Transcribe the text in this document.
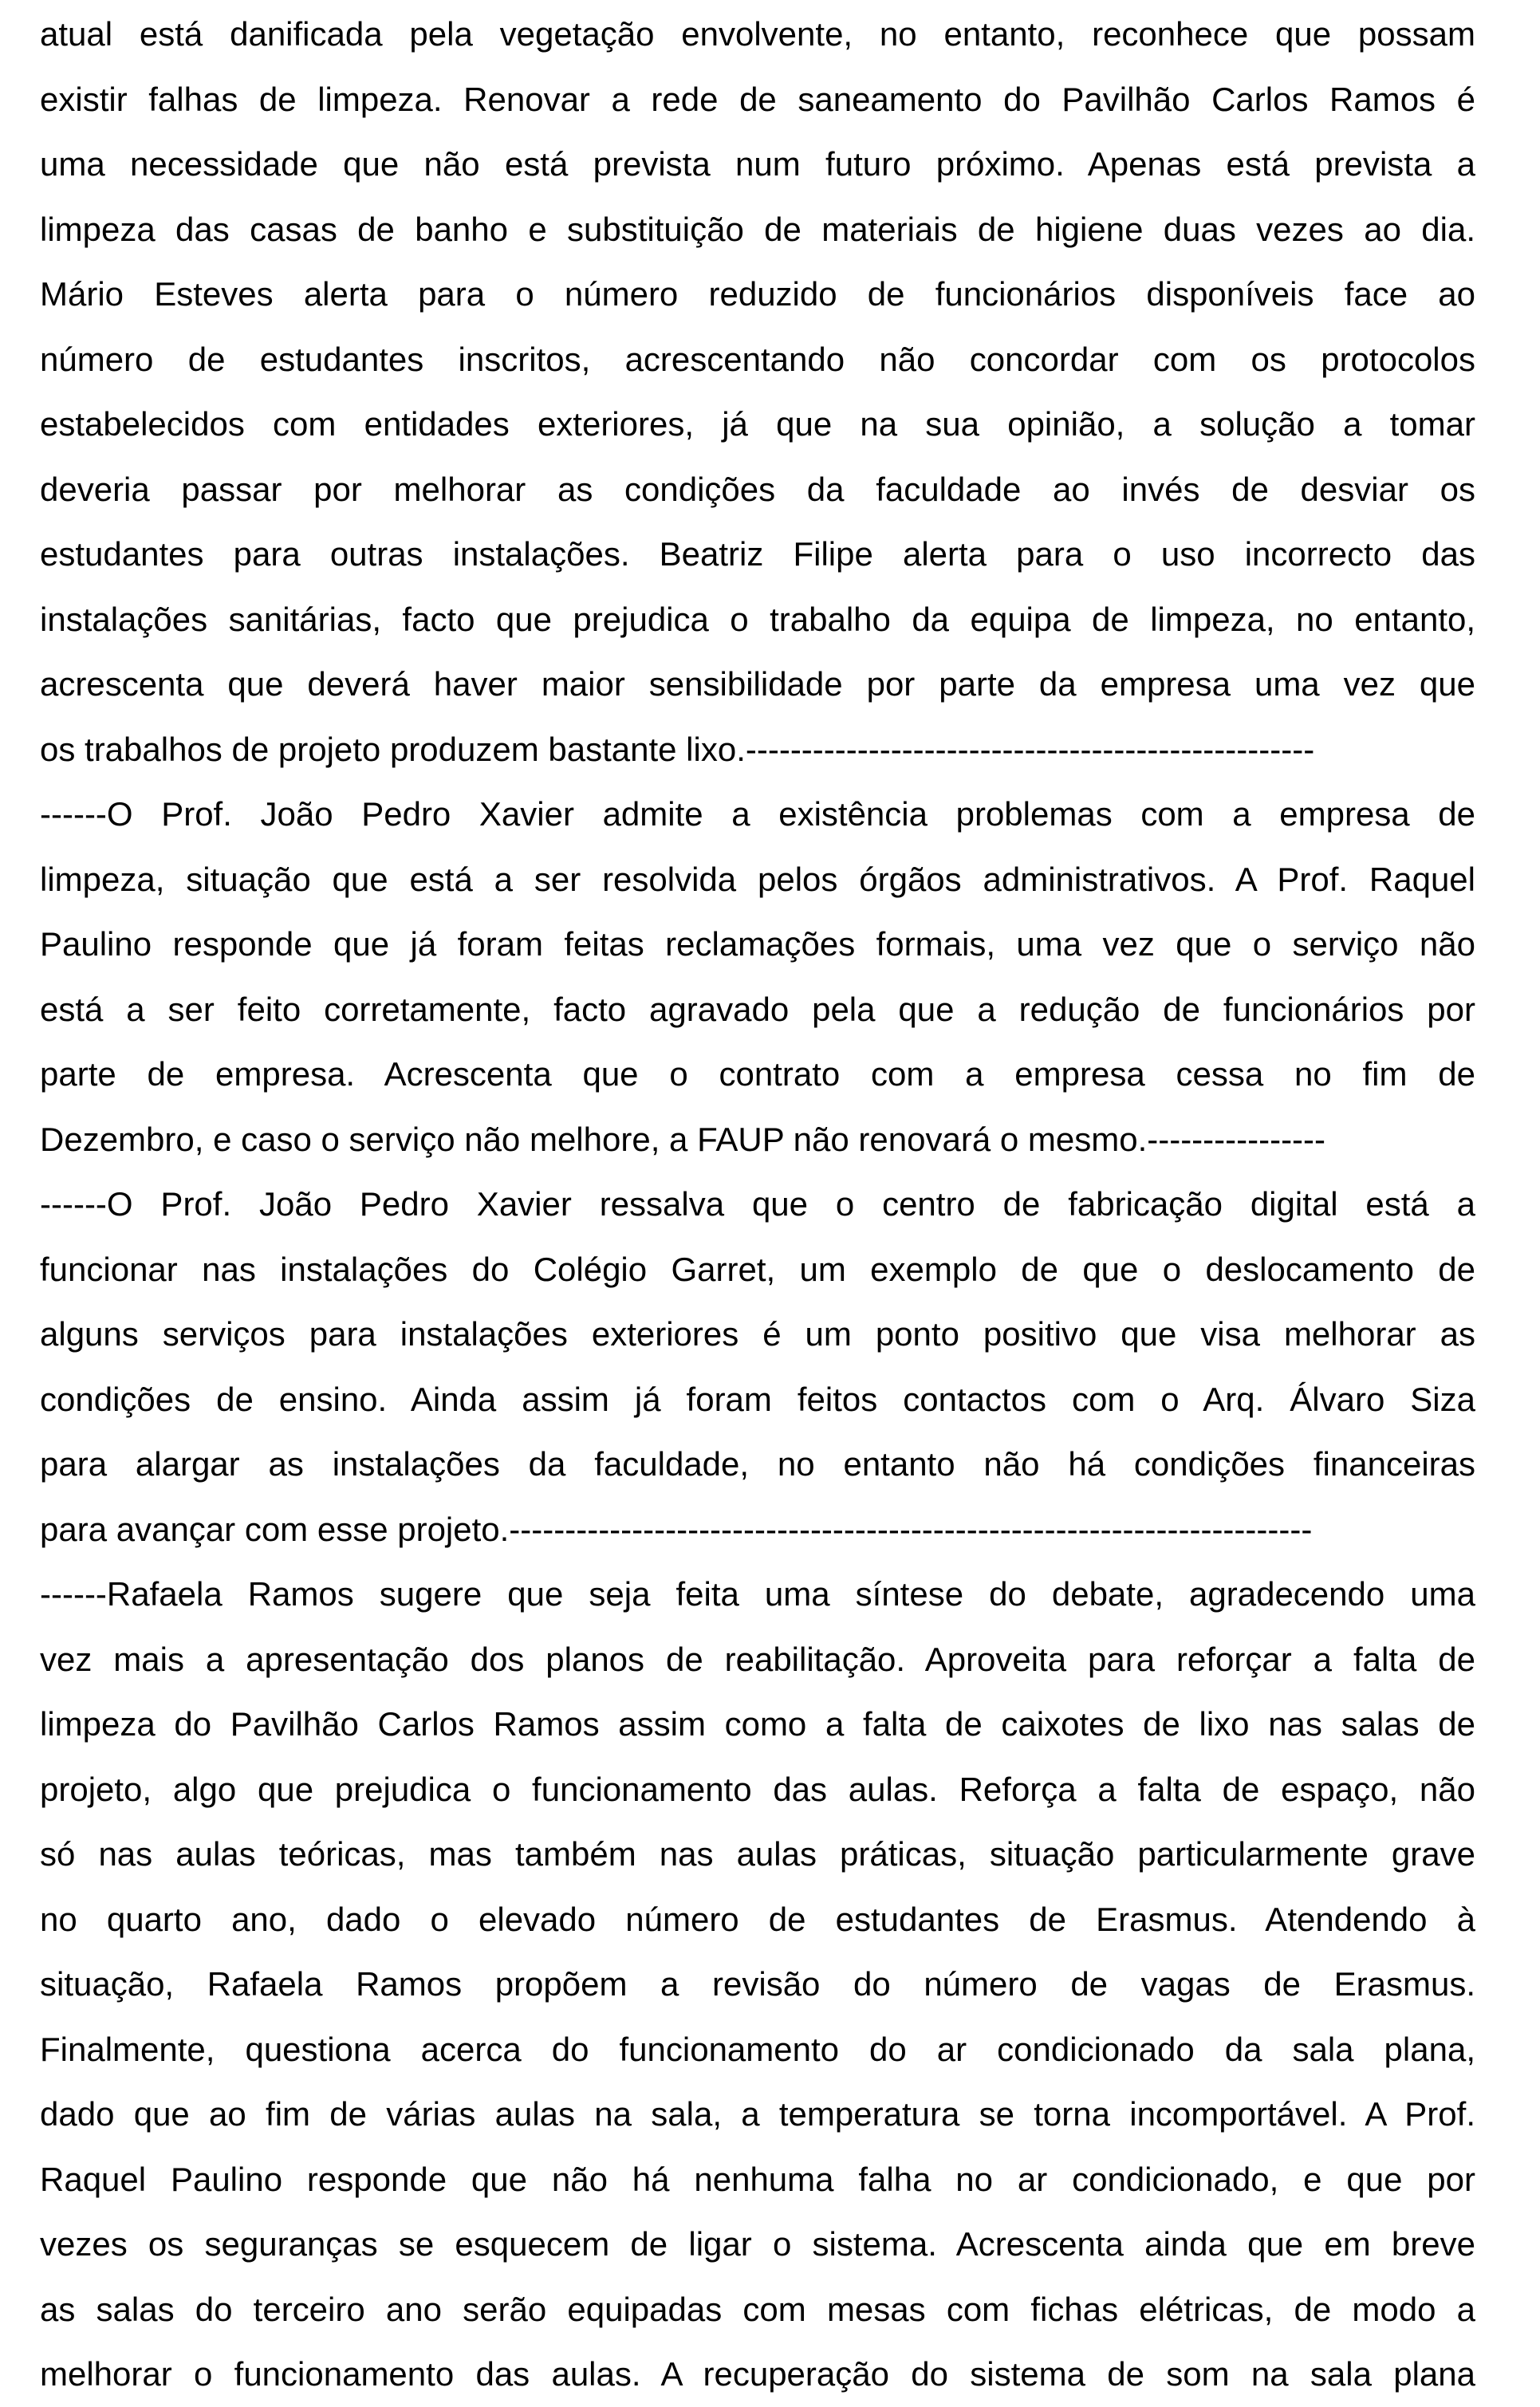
atual está danificada pela vegetação envolvente, no entanto, reconhece que possam
existir falhas de limpeza. Renovar a rede de saneamento do Pavilhão Carlos Ramos é
uma necessidade que não está prevista num futuro próximo. Apenas está prevista a
limpeza das casas de banho e substituição de materiais de higiene duas vezes ao dia.
Mário Esteves alerta para o número reduzido de funcionários disponíveis face ao
número de estudantes inscritos, acrescentando não concordar com os protocolos
estabelecidos com entidades exteriores, já que na sua opinião, a solução a tomar
deveria passar por melhorar as condições da faculdade ao invés de desviar os
estudantes para outras instalações. Beatriz Filipe alerta para o uso incorrecto das
instalações sanitárias, facto que prejudica o trabalho da equipa de limpeza, no entanto,
acrescenta que deverá haver maior sensibilidade por parte da empresa uma vez que
os trabalhos de projeto produzem bastante lixo.---------------------------------------------------
------O Prof. João Pedro Xavier admite a existência problemas com a empresa de
limpeza, situação que está a ser resolvida pelos órgãos administrativos. A Prof. Raquel
Paulino responde que já foram feitas reclamações formais, uma vez que o serviço não
está a ser feito corretamente, facto agravado pela que a redução de funcionários por
parte de empresa. Acrescenta que o contrato com a empresa cessa no fim de
Dezembro, e caso o serviço não melhore, a FAUP não renovará o mesmo.----------------
------O Prof. João Pedro Xavier ressalva que o centro de fabricação digital está a
funcionar nas instalações do Colégio Garret, um exemplo de que o deslocamento de
alguns serviços para instalações exteriores é um ponto positivo que visa melhorar as
condições de ensino. Ainda assim já foram feitos contactos com o Arq. Álvaro Siza
para alargar as instalações da faculdade, no entanto não há condições financeiras
para avançar com esse projeto.------------------------------------------------------------------------
------Rafaela Ramos sugere que seja feita uma síntese do debate, agradecendo uma
vez mais a apresentação dos planos de reabilitação. Aproveita para reforçar a falta de
limpeza do Pavilhão Carlos Ramos assim como a falta de caixotes de lixo nas salas de
projeto, algo que prejudica o funcionamento das aulas. Reforça a falta de espaço, não
só nas aulas teóricas, mas também nas aulas práticas, situação particularmente grave
no quarto ano, dado o elevado número de estudantes de Erasmus. Atendendo à
situação, Rafaela Ramos propõem a revisão do número de vagas de Erasmus.
Finalmente, questiona acerca do funcionamento do ar condicionado da sala plana,
dado que ao fim de várias aulas na sala, a temperatura se torna incomportável. A Prof.
Raquel Paulino responde que não há nenhuma falha no ar condicionado, e que por
vezes os seguranças se esquecem de ligar o sistema. Acrescenta ainda que em breve
as salas do terceiro ano serão equipadas com mesas com fichas elétricas, de modo a
melhorar o funcionamento das aulas. A recuperação do sistema de som na sala plana
